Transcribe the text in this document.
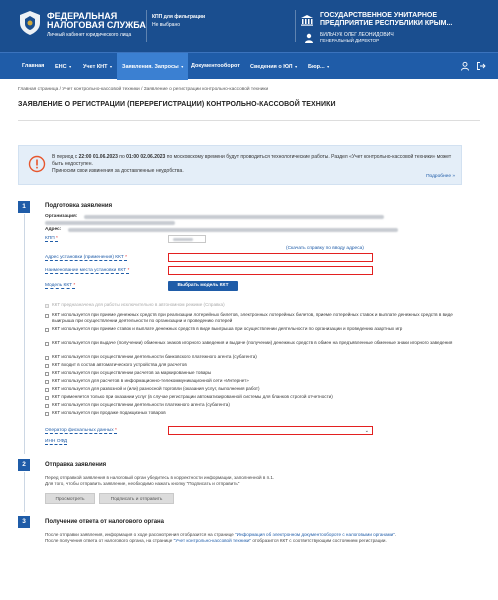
ФЕДЕРАЛЬНАЯ
НАЛОГОВАЯ СЛУЖБА
Личный кабинет юридического лица
КПП для фильтрации
Не выбрано
ГОСУДАРСТВЕННОЕ УНИТАРНОЕ
ПРЕДПРИЯТИЕ РЕСПУБЛИКИ КРЫМ...
БИЛЬЧУК ОЛЕГ ЛЕОНИДОВИЧ
ГЕНЕРАЛЬНЫЙ ДИРЕКТОР
Главная	ЕНС ▾	Учет КНТ ▾	Заявления. Запросы ▾	Документооборот	Сведения о ЮЛ ▾	Бюр... ▾
Главная страница / Учет контрольно-кассовой техники / Заявление о регистрации контрольно-кассовой техники
ЗАЯВЛЕНИЕ О РЕГИСТРАЦИИ (ПЕРЕРЕГИСТРАЦИИ) КОНТРОЛЬНО-КАССОВОЙ ТЕХНИКИ
В период с 22:00 01.06.2023 по 01:00 02.06.2023 по московскому времени будут проводиться технологические работы. Раздел «Учет контрольно-кассовой техники» может быть недоступен.
Приносим свои извинения за доставленные неудобства.
Подробнее »
1	Подготовка заявления
Организация:
Адрес:
КПП *
(Скачать справку по вводу адреса)
Адрес установки (применения) ККТ *
Наименование места установки ККТ *
Модель ККТ *	Выбрать модель ККТ
ККТ предназначена для работы исключительно в автономном режиме (Справка)
ККТ используется при приеме денежных средств при реализации лотерейных билетов, электронных лотерейных билетов, приеме лотерейных ставок и выплате денежных средств в виде выигрыша при осуществлении деятельности по организации и проведению лотерей
ККТ используется при приеме ставок и выплате денежных средств в виде выигрыша при осуществлении деятельности по организации и проведению азартных игр
ККТ используется при выдаче (получении) обменных знаков игорного заведения и выдаче (получении) денежных средств в обмен на предъявленные обменные знаки игорного заведения
ККТ используется при осуществлении деятельности банковского платежного агента (субагента)
ККТ входит в состав автоматического устройства для расчетов
ККТ используется при осуществлении расчетов за маркированные товары
ККТ используется для расчетов в информационно-телекоммуникационной сети «Интернет»
ККТ используется для развозной и (или) разносной торговли (оказания услуг, выполнения работ)
ККТ применяется только при оказании услуг (в случае регистрации автоматизированной системы для бланков строгой отчетности)
ККТ используется при осуществлении деятельности платежного агента (субагента)
ККТ используется при продаже подакцизных товаров
Оператор фискальных данных *	⌄
ИНН ОФД
2	Отправка заявления
Перед отправкой заявления в налоговый орган убедитесь в корректности информации, заполненной в п.1.
Для того, чтобы отправить заявление, необходимо нажать кнопку "Подписать и отправить"
Просмотреть	Подписать и отправить
3	Получение ответа от налогового органа
После отправки заявления, информация о ходе рассмотрения отобразится на странице "Информация об электронном документообороте с налоговыми органами".
После получения ответа от налогового органа, на странице "Учет контрольно-кассовой техники" отобразится ККТ с соответствующим состоянием регистрации.
